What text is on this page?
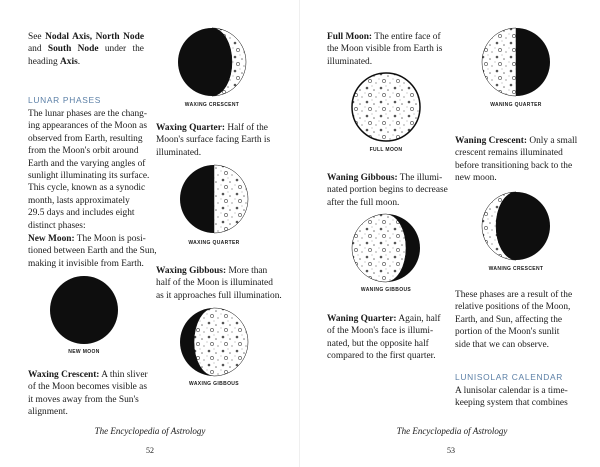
See Nodal Axis, North Node and South Node under the heading Axis.
LUNAR PHASES
The lunar phases are the chang-
ing appearances of the Moon as
observed from Earth, resulting
from the Moon's orbit around
Earth and the varying angles of
sunlight illuminating its surface.
This cycle, known as a synodic
month, lasts approximately
29.5 days and includes eight
distinct phases:
New Moon: The Moon is posi-
tioned between Earth and the Sun,
making it invisible from Earth.
NEW MOON
Waxing Crescent: A thin sliver
of the Moon becomes visible as
it moves away from the Sun's
alignment.
WAXING CRESCENT
Waxing Quarter: Half of the
Moon's surface facing Earth is
illuminated.
WAXING QUARTER
Waxing Gibbous: More than
half of the Moon is illuminated
as it approaches full illumination.
WAXING GIBBOUS
The Encyclopedia of Astrology
52
Full Moon: The entire face of
the Moon visible from Earth is
illuminated.
FULL MOON
Waning Gibbous: The illumi-
nated portion begins to decrease
after the full moon.
WANING GIBBOUS
Waning Quarter: Again, half
of the Moon's face is illumi-
nated, but the opposite half
compared to the first quarter.
WANING QUARTER
Waning Crescent: Only a small
crescent remains illuminated
before transitioning back to the
new moon.
WANING CRESCENT
These phases are a result of the
relative positions of the Moon,
Earth, and Sun, affecting the
portion of the Moon's sunlit
side that we can observe.
LUNISOLAR CALENDAR
A lunisolar calendar is a time-
keeping system that combines
The Encyclopedia of Astrology
53
